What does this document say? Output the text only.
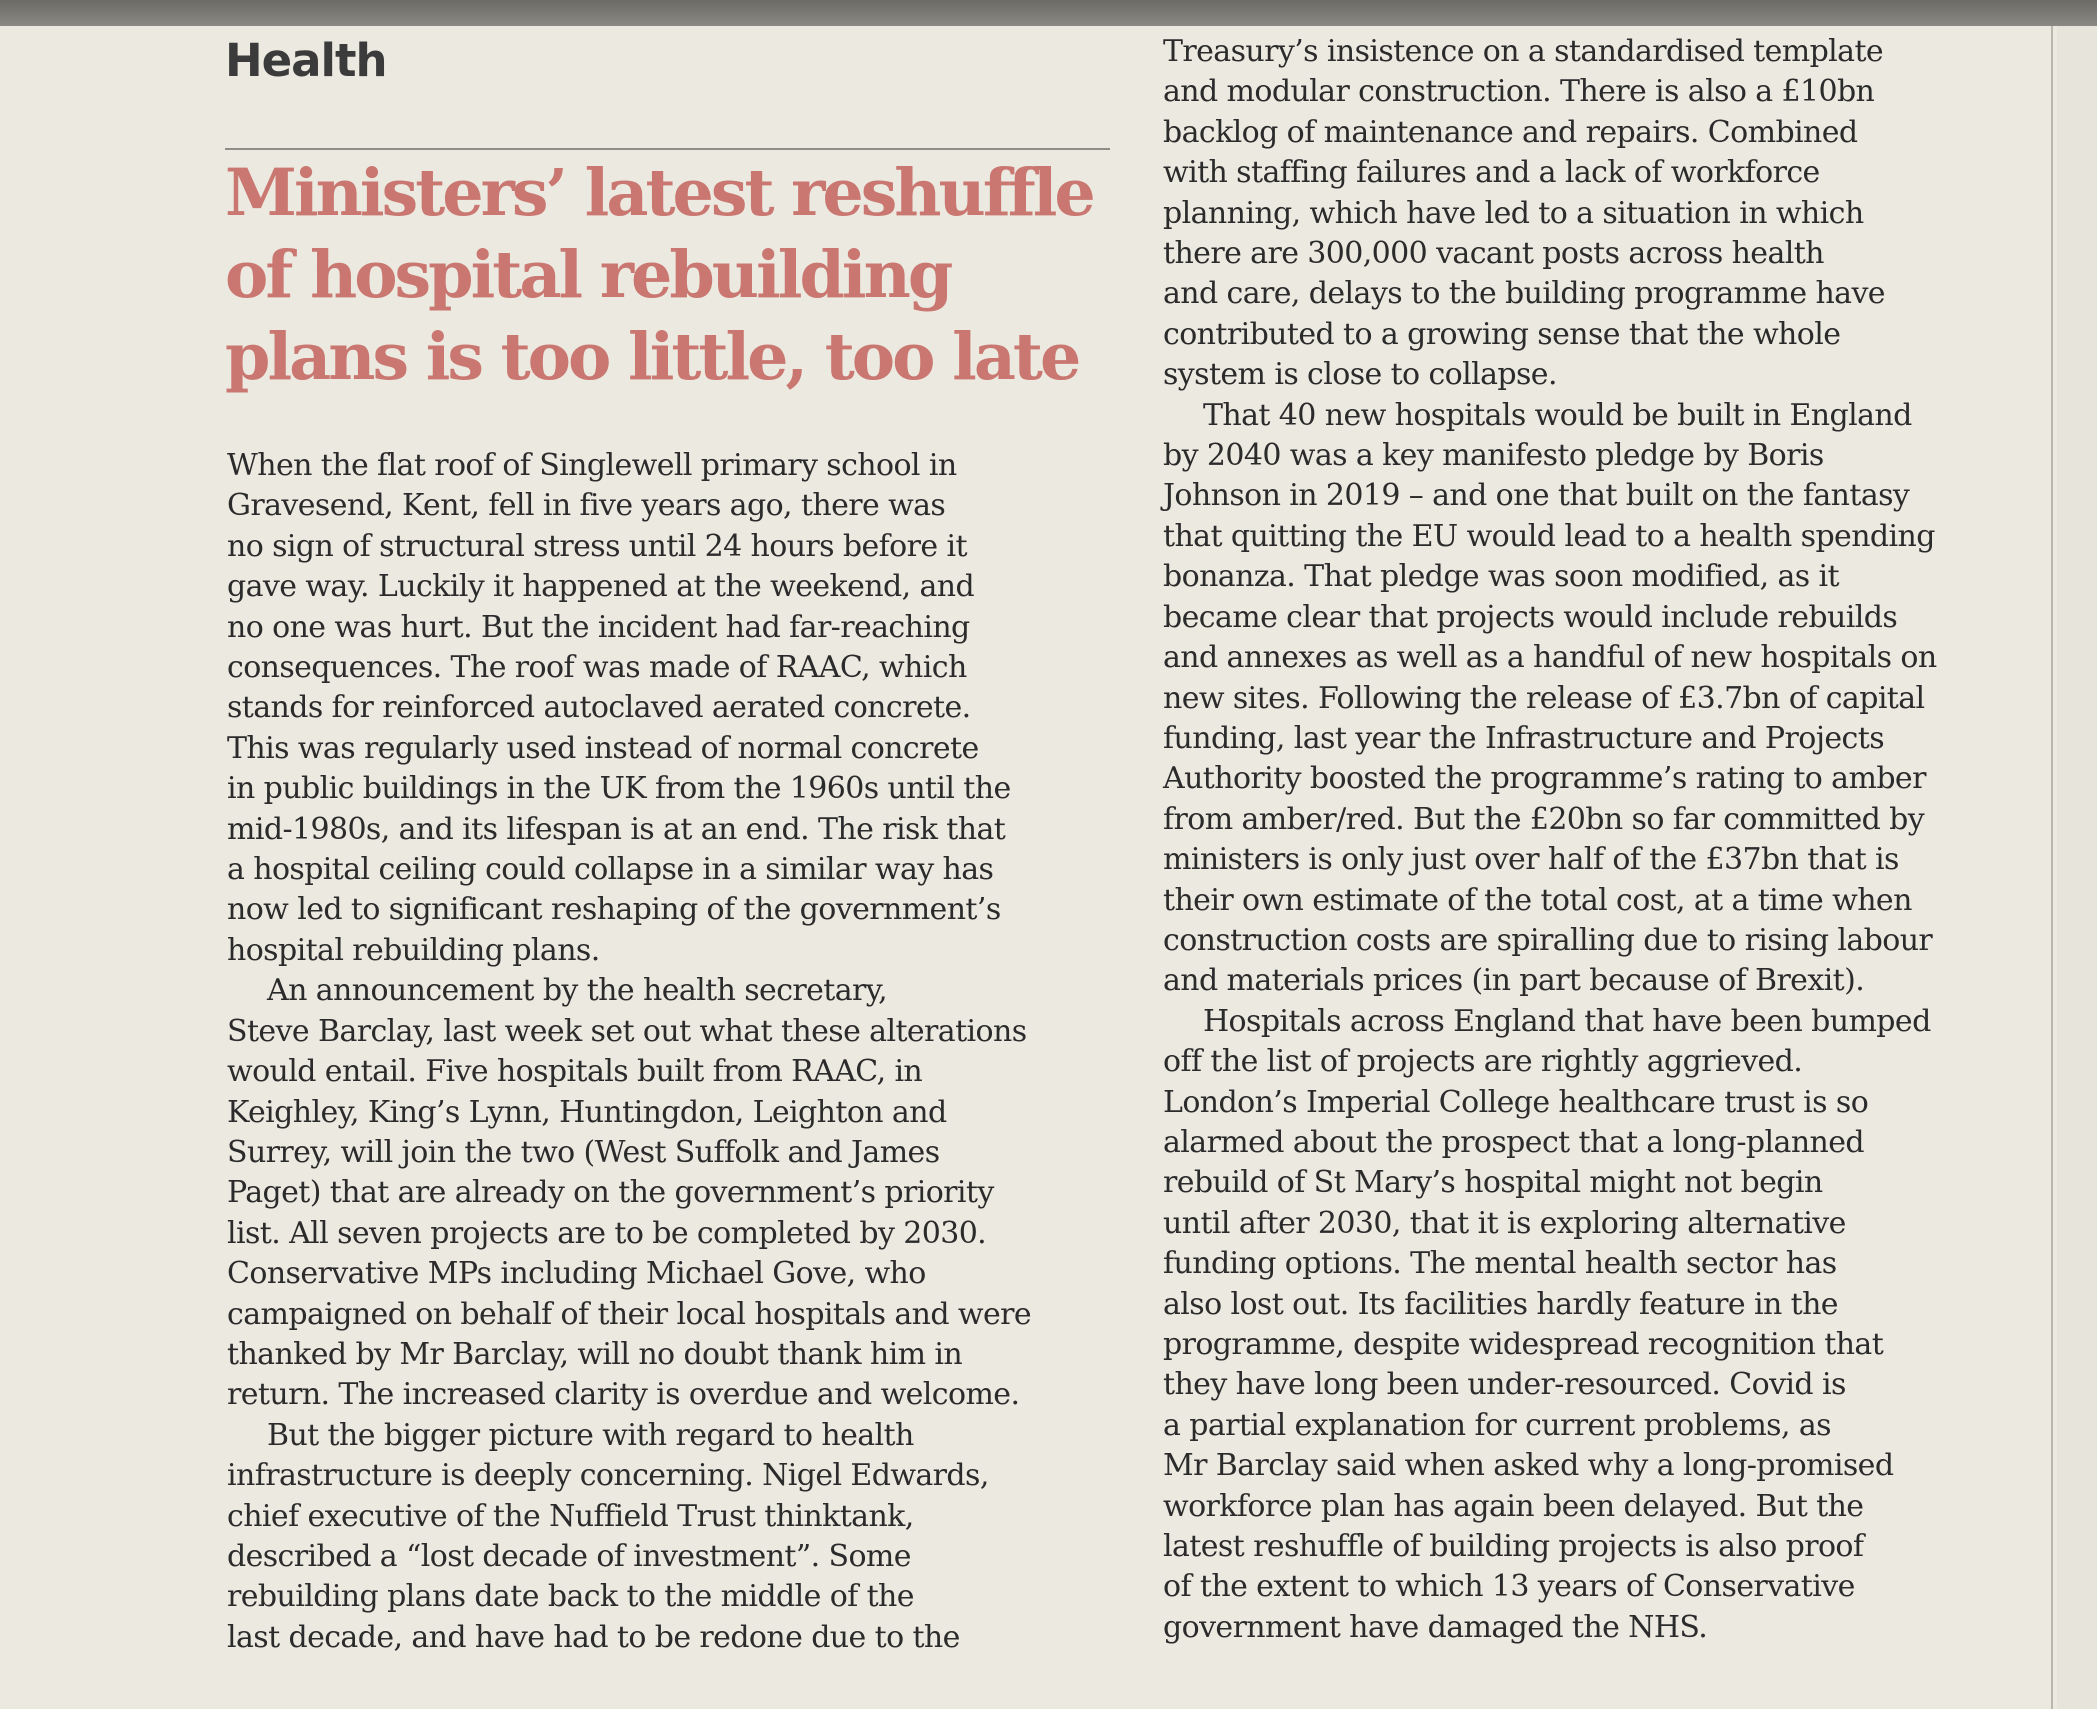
Health
Ministers’ latest reshuffle
of hospital rebuilding
plans is too little, too late

When the flat roof of Singlewell primary school in
Gravesend, Kent, fell in five years ago, there was
no sign of structural stress until 24 hours before it
gave way. Luckily it happened at the weekend, and
no one was hurt. But the incident had far-reaching
consequences. The roof was made of RAAC, which
stands for reinforced autoclaved aerated concrete.
This was regularly used instead of normal concrete
in public buildings in the UK from the 1960s until the
mid-1980s, and its lifespan is at an end. The risk that
a hospital ceiling could collapse in a similar way has
now led to significant reshaping of the government’s
hospital rebuilding plans.

An announcement by the health secretary,
Steve Barclay, last week set out what these alterations
would entail. Five hospitals built from RAAC, in
Keighley, King’s Lynn, Huntingdon, Leighton and
Surrey, will join the two (West Suffolk and James
Paget) that are already on the government’s priority
list. All seven projects are to be completed by 2030.
Conservative MPs including Michael Gove, who
campaigned on behalf of their local hospitals and were
thanked by Mr Barclay, will no doubt thank him in
return. The increased clarity is overdue and welcome.

But the bigger picture with regard to health
infrastructure is deeply concerning. Nigel Edwards,
chief executive of the Nuffield Trust thinktank,
described a “lost decade of investment”. Some
rebuilding plans date back to the middle of the
last decade, and have had to be redone due to the

Treasury’s insistence on a standardised template
and modular construction. There is also a £10bn
backlog of maintenance and repairs. Combined
with staffing failures and a lack of workforce
planning, which have led to a situation in which
there are 300,000 vacant posts across health
and care, delays to the building programme have
contributed to a growing sense that the whole
system is close to collapse.

That 40 new hospitals would be built in England
by 2040 was a key manifesto pledge by Boris
Johnson in 2019 – and one that built on the fantasy
that quitting the EU would lead to a health spending
bonanza. That pledge was soon modified, as it
became clear that projects would include rebuilds
and annexes as well as a handful of new hospitals on
new sites. Following the release of £3.7bn of capital
funding, last year the Infrastructure and Projects
Authority boosted the programme’s rating to amber
from amber/red. But the £20bn so far committed by
ministers is only just over half of the £37bn that is
their own estimate of the total cost, at a time when
construction costs are spiralling due to rising labour
and materials prices (in part because of Brexit).

Hospitals across England that have been bumped
off the list of projects are rightly aggrieved.
London’s Imperial College healthcare trust is so
alarmed about the prospect that a long-planned
rebuild of St Mary’s hospital might not begin
until after 2030, that it is exploring alternative
funding options. The mental health sector has
also lost out. Its facilities hardly feature in the
programme, despite widespread recognition that
they have long been under-resourced. Covid is
a partial explanation for current problems, as
Mr Barclay said when asked why a long-promised
workforce plan has again been delayed. But the
latest reshuffle of building projects is also proof
of the extent to which 13 years of Conservative
government have damaged the NHS.
